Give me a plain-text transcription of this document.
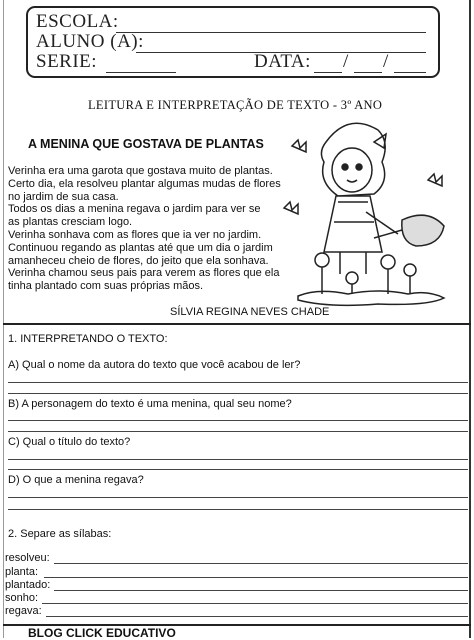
ESCOLA:
ALUNO (A):
SERIE:	DATA: / /
LEITURA E INTERPRETAÇÃO DE TEXTO - 3º ANO
A MENINA QUE GOSTAVA DE PLANTAS
Verinha era uma garota que gostava muito de plantas.
Certo dia, ela resolveu plantar algumas mudas de flores
no jardim de sua casa.
Todos os dias a menina regava o jardim para ver se
as plantas cresciam logo.
Verinha sonhava com as flores que ia ver no jardim.
Continuou regando as plantas até que um dia o jardim
amanheceu cheio de flores, do jeito que ela sonhava.
Verinha chamou seus pais para verem as flores que ela
tinha plantado com suas próprias mãos.
SÍLVIA REGINA NEVES CHADE
1. INTERPRETANDO O TEXTO:
A) Qual o nome da autora do texto que você acabou de ler?
B) A personagem do texto é uma menina, qual seu nome?
C) Qual o título do texto?
D) O que a menina regava?
2. Separe as sílabas:
resolveu:
planta:
plantado:
sonho:
regava:
BLOG CLICK EDUCATIVO
